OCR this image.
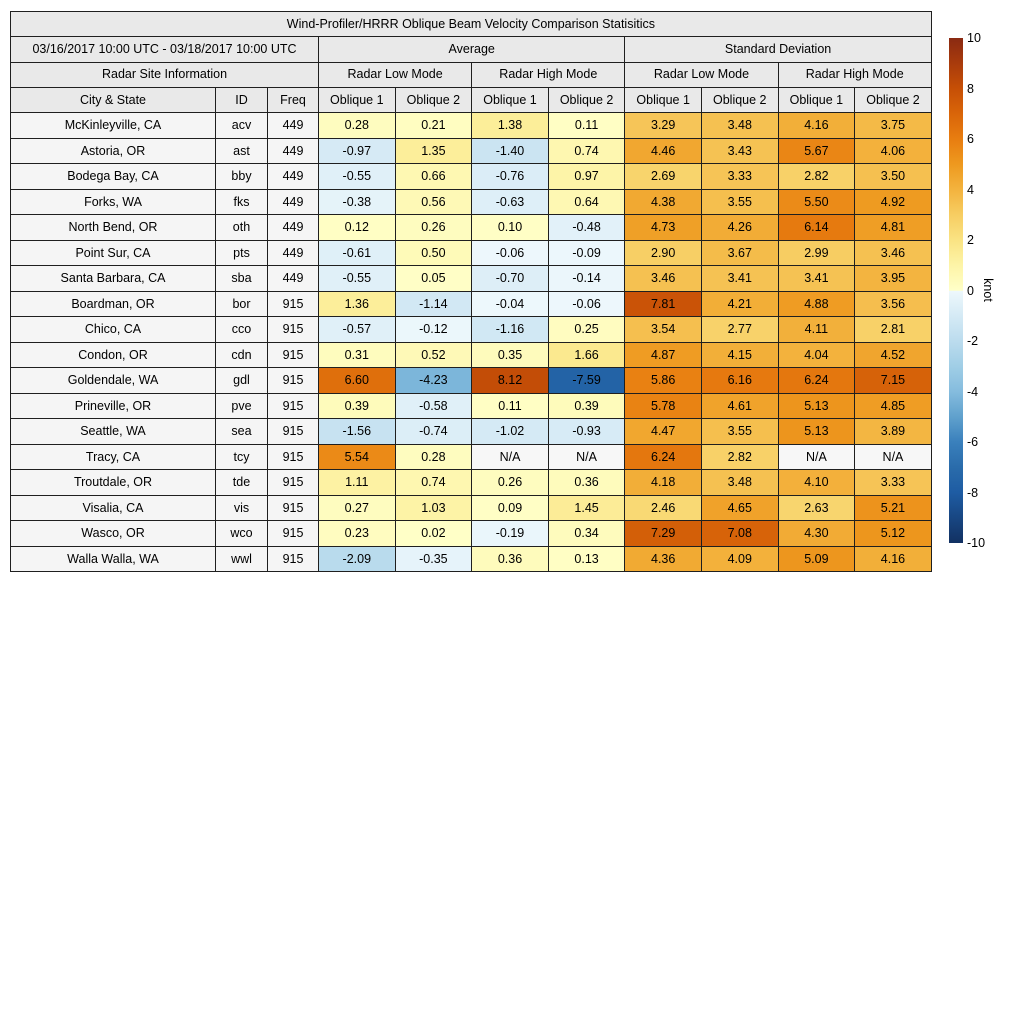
Wind-Profiler/HRRR Oblique Beam Velocity Comparison Statisitics										
03/16/2017 10:00 UTC - 03/18/2017 10:00 UTC			Average				Standard Deviation			
Radar Site Information			Radar Low Mode		Radar High Mode		Radar Low Mode		Radar High Mode	
City & State	ID	Freq	Oblique 1	Oblique 2	Oblique 1	Oblique 2	Oblique 1	Oblique 2	Oblique 1	Oblique 2
McKinleyville, CA	acv	449	0.28	0.21	1.38	0.11	3.29	3.48	4.16	3.75
Astoria, OR	ast	449	-0.97	1.35	-1.40	0.74	4.46	3.43	5.67	4.06
Bodega Bay, CA	bby	449	-0.55	0.66	-0.76	0.97	2.69	3.33	2.82	3.50
Forks, WA	fks	449	-0.38	0.56	-0.63	0.64	4.38	3.55	5.50	4.92
North Bend, OR	oth	449	0.12	0.26	0.10	-0.48	4.73	4.26	6.14	4.81
Point Sur, CA	pts	449	-0.61	0.50	-0.06	-0.09	2.90	3.67	2.99	3.46
Santa Barbara, CA	sba	449	-0.55	0.05	-0.70	-0.14	3.46	3.41	3.41	3.95
Boardman, OR	bor	915	1.36	-1.14	-0.04	-0.06	7.81	4.21	4.88	3.56
Chico, CA	cco	915	-0.57	-0.12	-1.16	0.25	3.54	2.77	4.11	2.81
Condon, OR	cdn	915	0.31	0.52	0.35	1.66	4.87	4.15	4.04	4.52
Goldendale, WA	gdl	915	6.60	-4.23	8.12	-7.59	5.86	6.16	6.24	7.15
Prineville, OR	pve	915	0.39	-0.58	0.11	0.39	5.78	4.61	5.13	4.85
Seattle, WA	sea	915	-1.56	-0.74	-1.02	-0.93	4.47	3.55	5.13	3.89
Tracy, CA	tcy	915	5.54	0.28	N/A	N/A	6.24	2.82	N/A	N/A
Troutdale, OR	tde	915	1.11	0.74	0.26	0.36	4.18	3.48	4.10	3.33
Visalia, CA	vis	915	0.27	1.03	0.09	1.45	2.46	4.65	2.63	5.21
Wasco, OR	wco	915	0.23	0.02	-0.19	0.34	7.29	7.08	4.30	5.12
Walla Walla, WA	wwl	915	-2.09	-0.35	0.36	0.13	4.36	4.09	5.09	4.16
10
8
6
4
2
0
-2
-4
-6
-8
-10
knot
